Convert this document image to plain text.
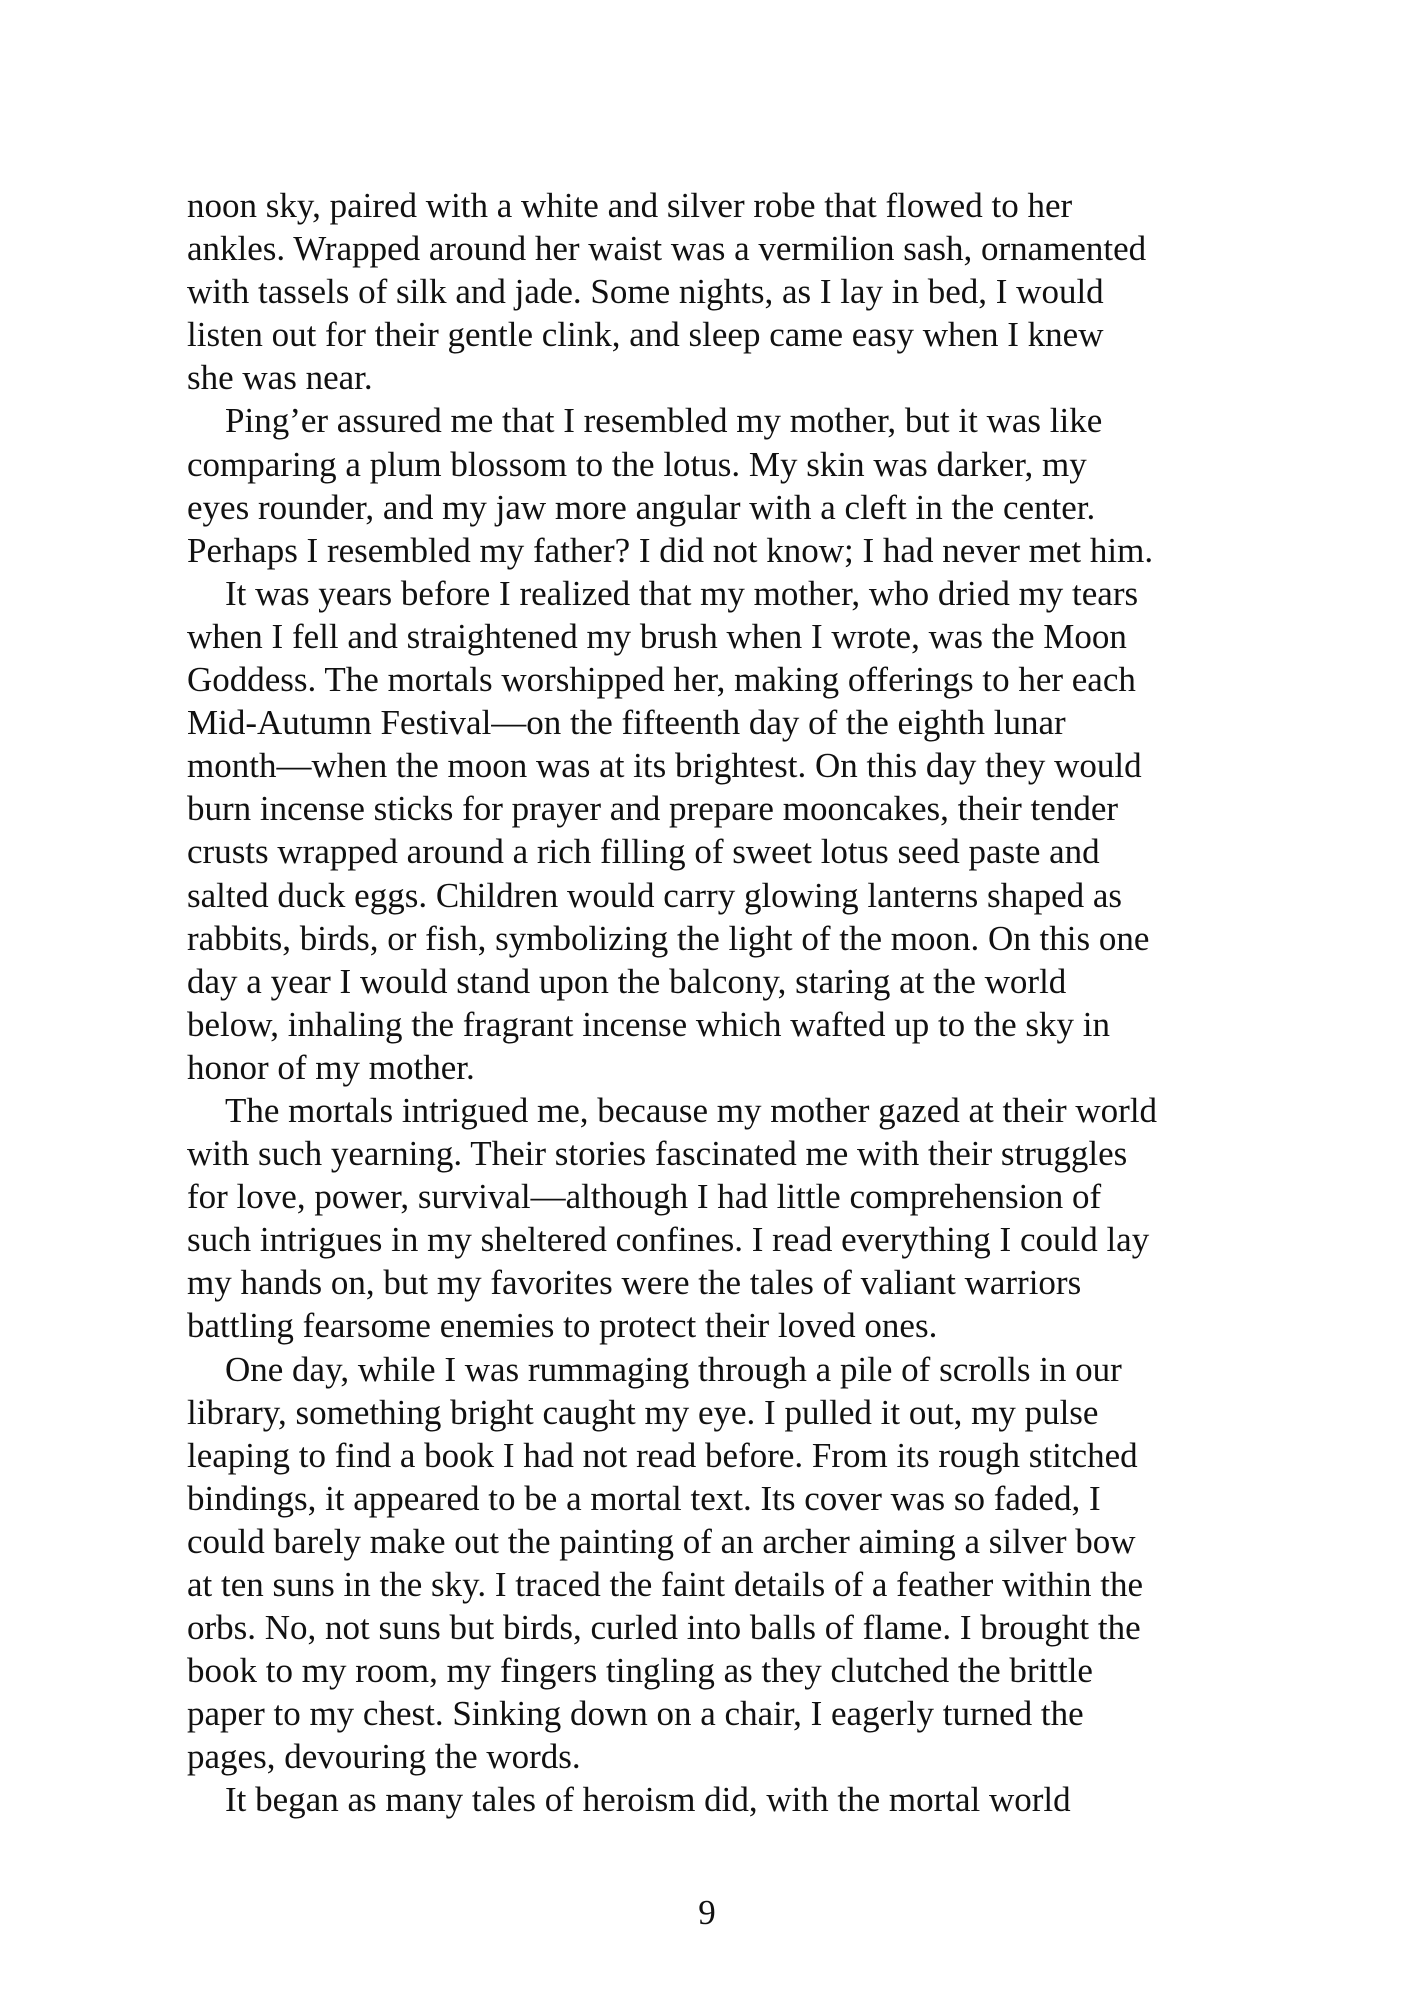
noon sky, paired with a white and silver robe that flowed to her
ankles. Wrapped around her waist was a vermilion sash, ornamented
with tassels of silk and jade. Some nights, as I lay in bed, I would
listen out for their gentle clink, and sleep came easy when I knew
she was near.
Ping’er assured me that I resembled my mother, but it was like
comparing a plum blossom to the lotus. My skin was darker, my
eyes rounder, and my jaw more angular with a cleft in the center.
Perhaps I resembled my father? I did not know; I had never met him.
It was years before I realized that my mother, who dried my tears
when I fell and straightened my brush when I wrote, was the Moon
Goddess. The mortals worshipped her, making offerings to her each
Mid-Autumn Festival—on the fifteenth day of the eighth lunar
month—when the moon was at its brightest. On this day they would
burn incense sticks for prayer and prepare mooncakes, their tender
crusts wrapped around a rich filling of sweet lotus seed paste and
salted duck eggs. Children would carry glowing lanterns shaped as
rabbits, birds, or fish, symbolizing the light of the moon. On this one
day a year I would stand upon the balcony, staring at the world
below, inhaling the fragrant incense which wafted up to the sky in
honor of my mother.
The mortals intrigued me, because my mother gazed at their world
with such yearning. Their stories fascinated me with their struggles
for love, power, survival—although I had little comprehension of
such intrigues in my sheltered confines. I read everything I could lay
my hands on, but my favorites were the tales of valiant warriors
battling fearsome enemies to protect their loved ones.
One day, while I was rummaging through a pile of scrolls in our
library, something bright caught my eye. I pulled it out, my pulse
leaping to find a book I had not read before. From its rough stitched
bindings, it appeared to be a mortal text. Its cover was so faded, I
could barely make out the painting of an archer aiming a silver bow
at ten suns in the sky. I traced the faint details of a feather within the
orbs. No, not suns but birds, curled into balls of flame. I brought the
book to my room, my fingers tingling as they clutched the brittle
paper to my chest. Sinking down on a chair, I eagerly turned the
pages, devouring the words.
It began as many tales of heroism did, with the mortal world
9
